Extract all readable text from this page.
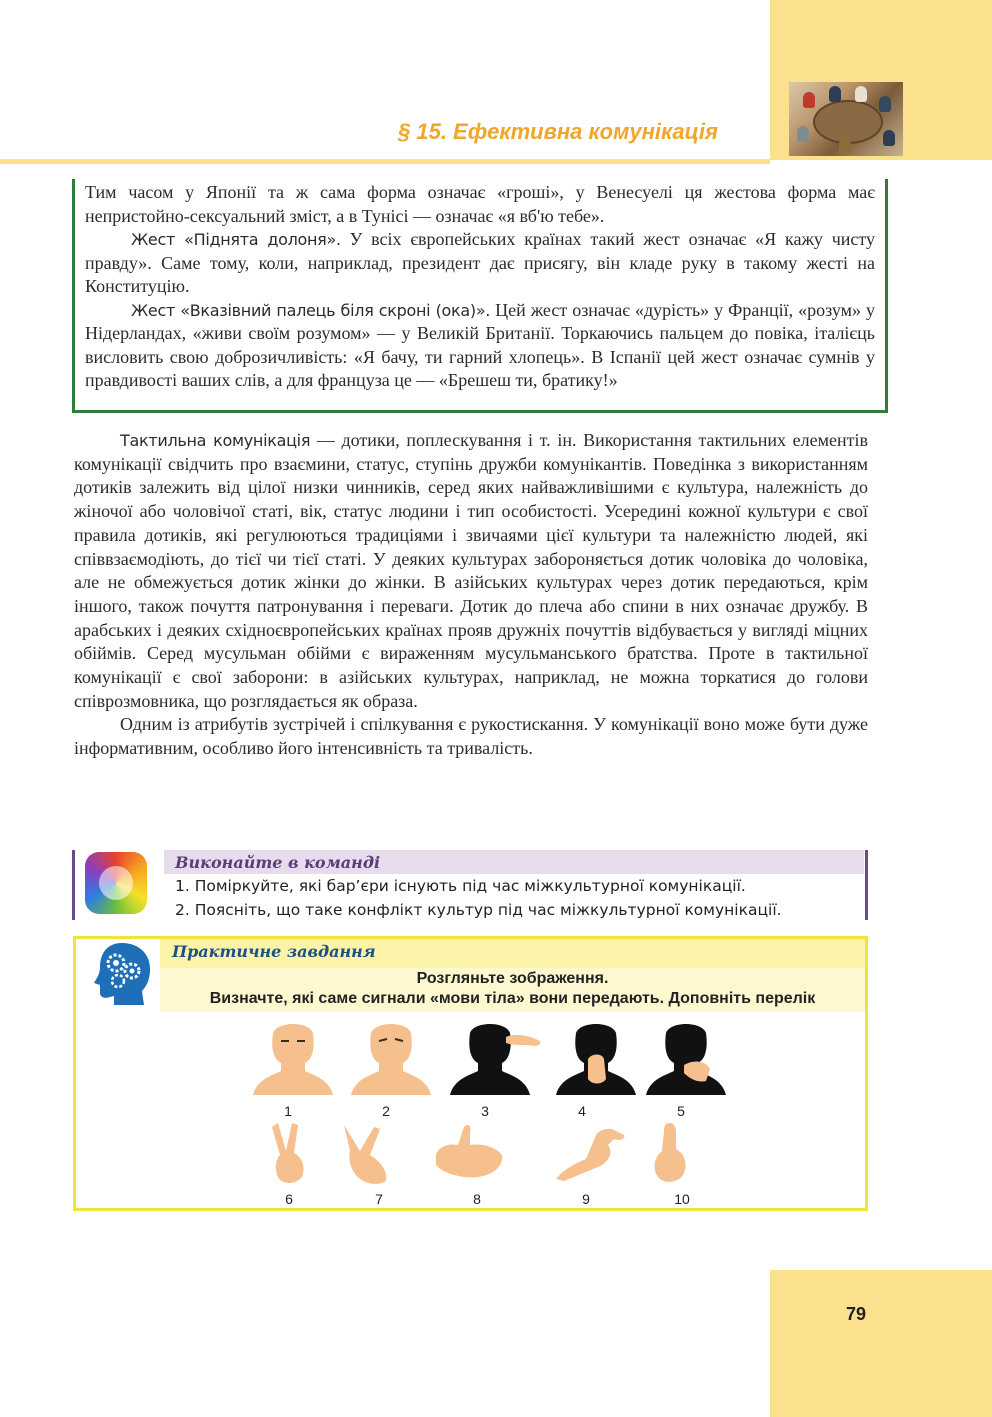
§ 15. Ефективна комунікація

Тим часом у Японії та ж сама форма означає «гроші», у Венесуелі ця жестова форма має непристойно-сексуальний зміст, а в Тунісі — означає «я вб'ю тебе».

Жест «Піднята долоня». У всіх європейських країнах такий жест означає «Я кажу чисту правду». Саме тому, коли, наприклад, президент дає присягу, він кладе руку в такому жесті на Конституцію.

Жест «Вказівний палець біля скроні (ока)». Цей жест означає «дурість» у Франції, «розум» у Нідерландах, «живи своїм розумом» — у Великій Британії. Торкаючись пальцем до повіка, італієць висловить свою доброзичливість: «Я бачу, ти гарний хлопець». В Іспанії цей жест означає сумнів у правдивості ваших слів, а для француза це — «Брешеш ти, братику!»

Тактильна комунікація — дотики, поплескування і т. ін. Використання тактильних елементів комунікації свідчить про взаємини, статус, ступінь дружби комунікантів. Поведінка з використанням дотиків залежить від цілої низки чинників, серед яких найважливішими є культура, належність до жіночої або чоловічої статі, вік, статус людини і тип особистості. Усередині кожної культури є свої правила дотиків, які регулюються традиціями і звичаями цієї культури та належністю людей, які співвзаємодіють, до тієї чи тієї статі. У деяких культурах забороняється дотик чоловіка до чоловіка, але не обмежується дотик жінки до жінки. В азійських культурах через дотик передаються, крім іншого, також почуття патронування і переваги. Дотик до плеча або спини в них означає дружбу. В арабських і деяких східноєвропейських країнах прояв дружніх почуттів відбувається у вигляді міцних обіймів. Серед мусульман обійми є вираженням мусульманського братства. Проте в тактильної комунікації є свої заборони: в азійських культурах, наприклад, не можна торкатися до голови співрозмовника, що розглядається як образа.

Одним із атрибутів зустрічей і спілкування є рукостискання. У комунікації воно може бути дуже інформативним, особливо його інтенсивність та тривалість.

Виконайте в команді
1. Поміркуйте, які бар’єри існують під час міжкультурної комунікації.
2. Поясніть, що таке конфлікт культур під час міжкультурної комунікації.
Практичне завдання
Розгляньте зображення.
Визначте, які саме сигнали «мови тіла» вони передають. Доповніть перелік
1	2	3	4	5
6	7	8	9	10
79
